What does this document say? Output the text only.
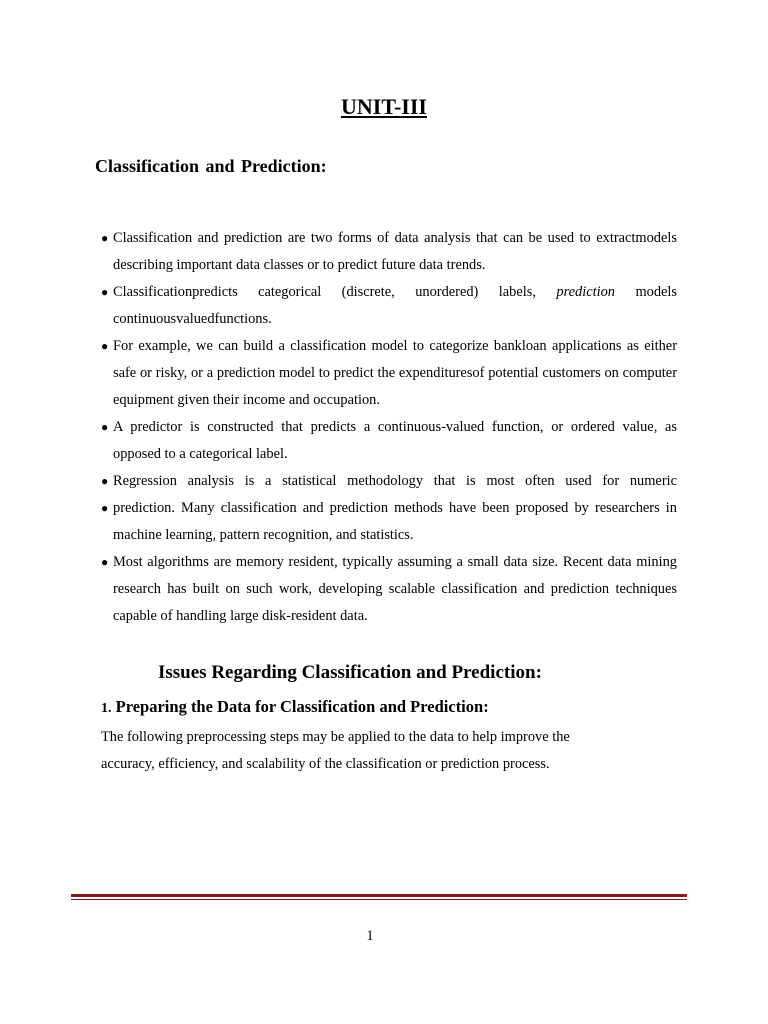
UNIT-III
Classification and Prediction:
● Classification and prediction are two forms of data analysis that can be used to extractmodels describing important data classes or to predict future data trends.
● Classificationpredicts categorical (discrete, unordered) labels, prediction models continuousvaluedfunctions.
● For example, we can build a classification model to categorize bankloan applications as either safe or risky, or a prediction model to predict the expendituresof potential customers on computer equipment given their income and occupation.
● A predictor is constructed that predicts a continuous-valued function, or ordered value, as opposed to a categorical label.
● Regression analysis is a statistical methodology that is most often used for numeric
● prediction. Many classification and prediction methods have been proposed by researchers in machine learning, pattern recognition, and statistics.
● Most algorithms are memory resident, typically assuming a small data size. Recent data mining research has built on such work, developing scalable classification and prediction techniques capable of handling large disk-resident data.
Issues Regarding Classification and Prediction:
1. Preparing the Data for Classification and Prediction:

The following preprocessing steps may be applied to the data to help improve the accuracy, efficiency, and scalability of the classification or prediction process.

1
